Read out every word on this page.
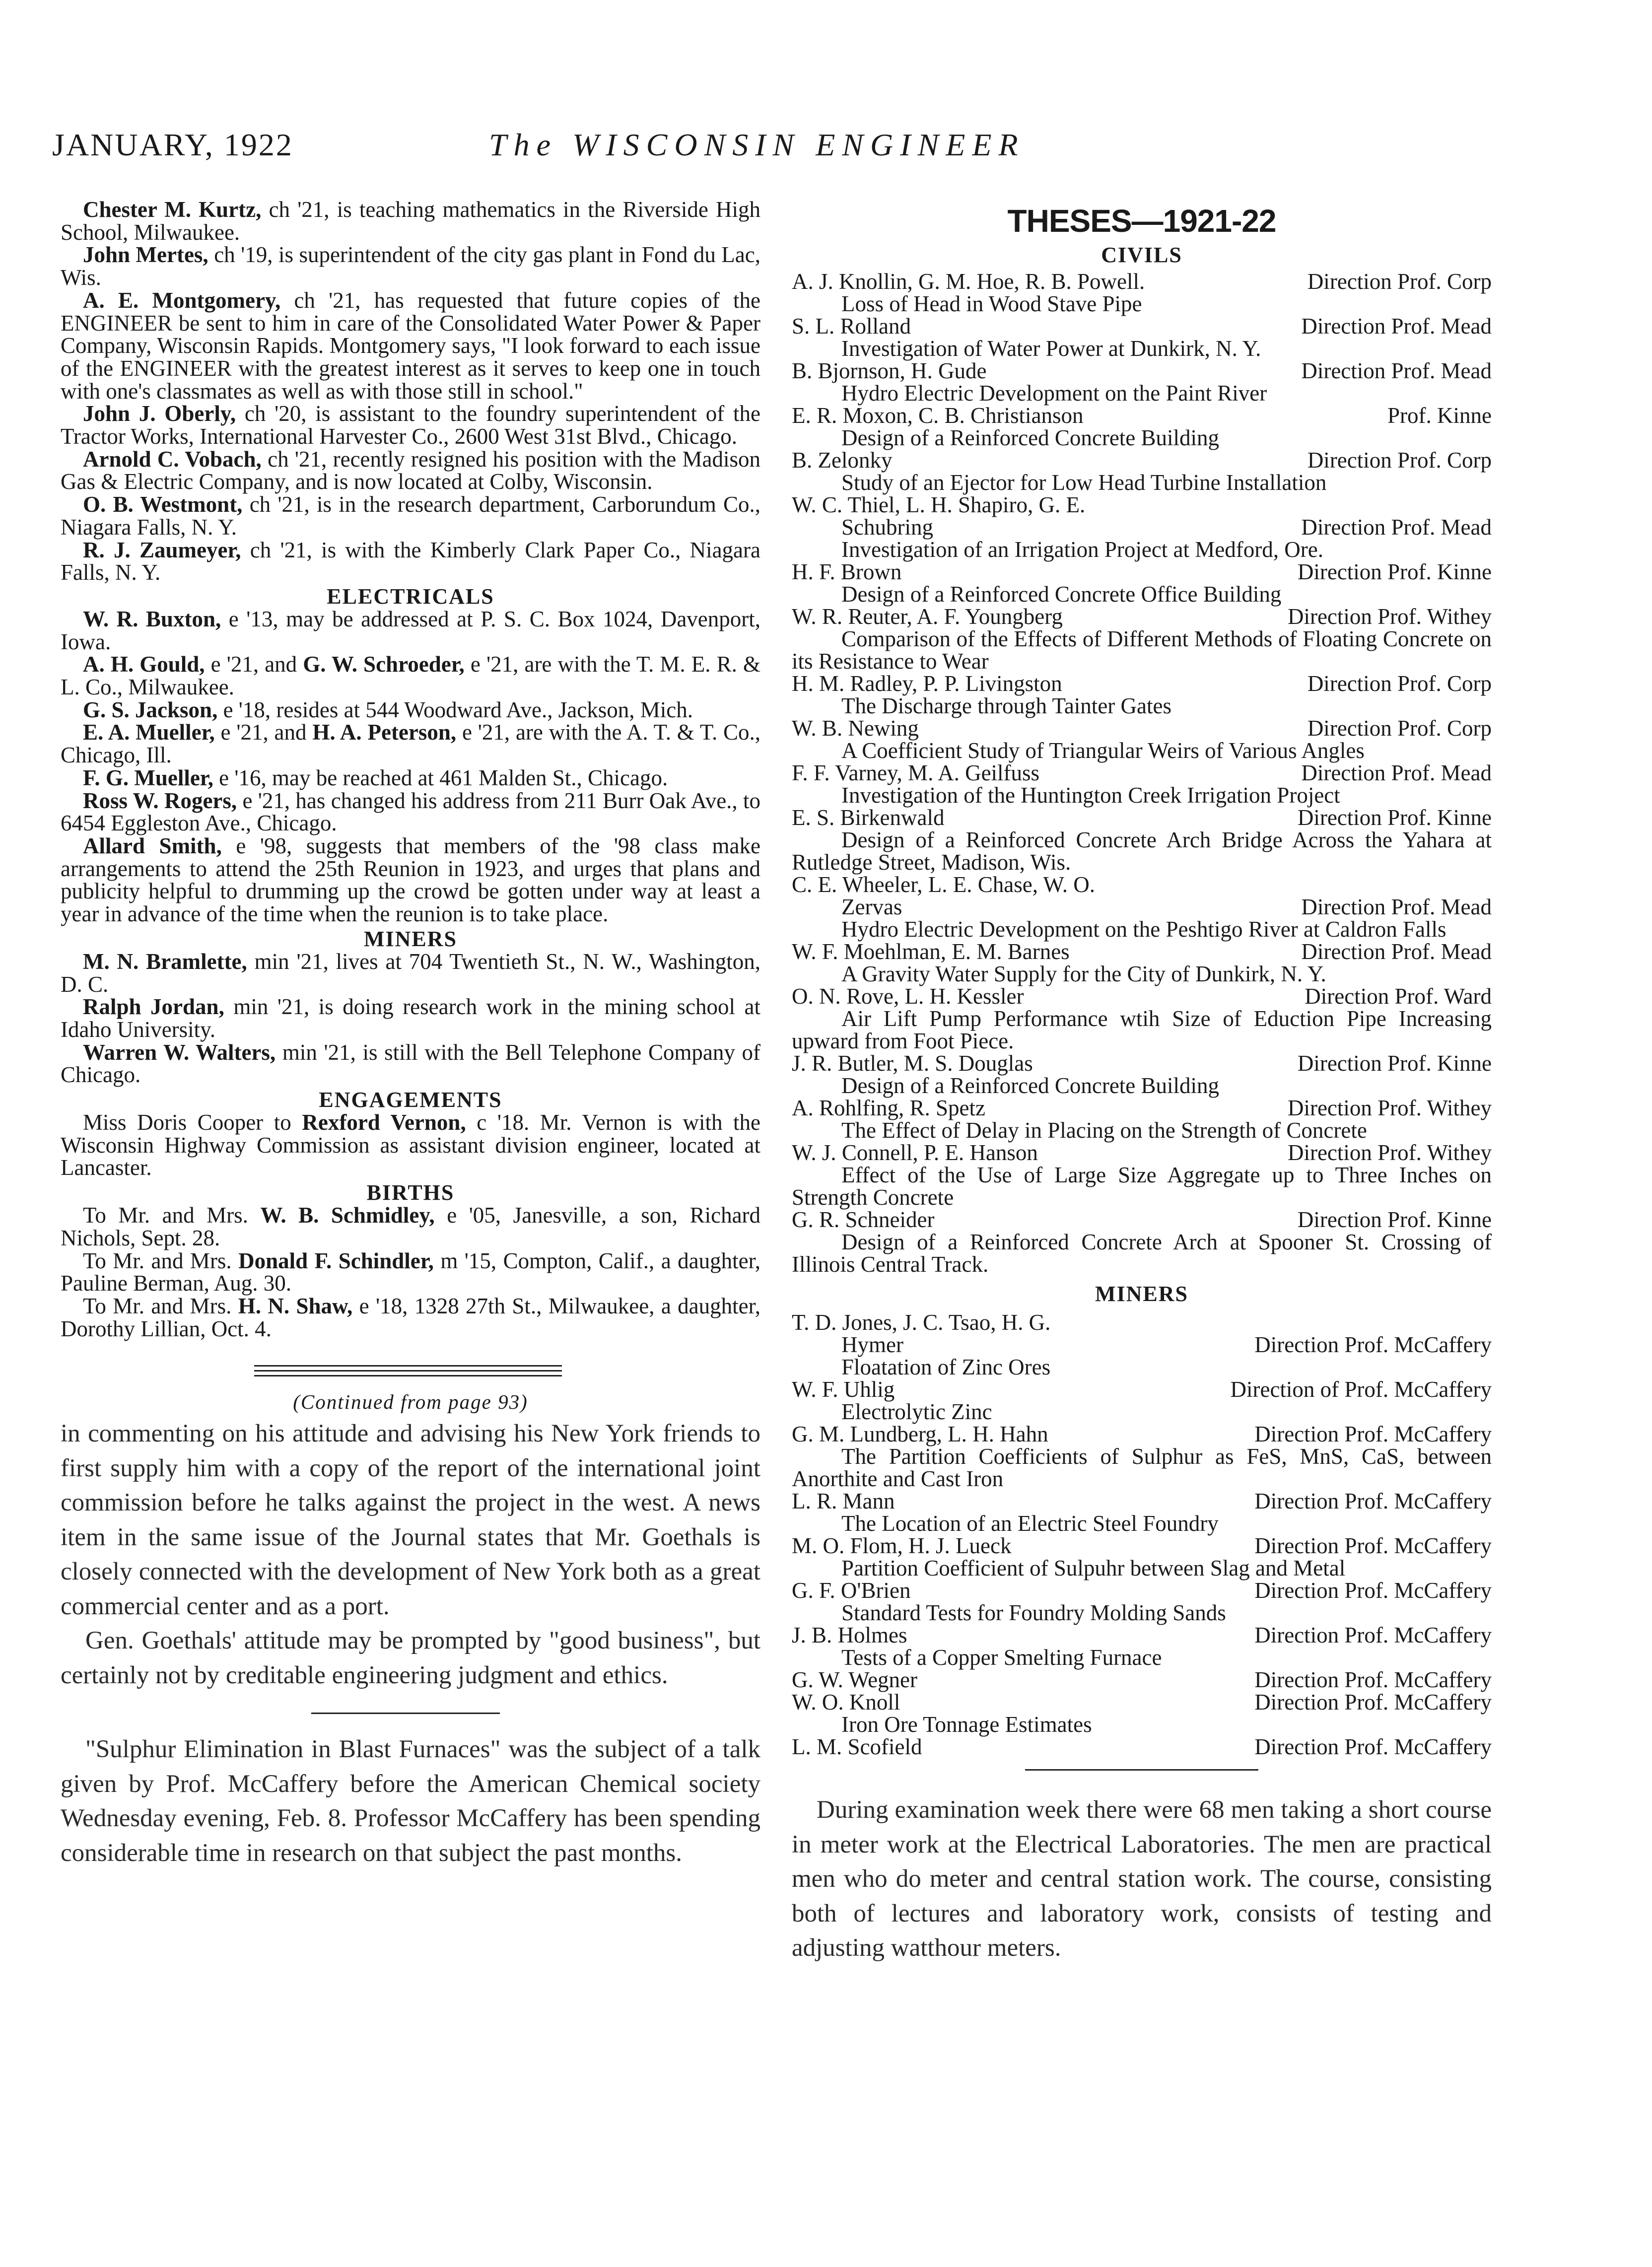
JANUARY, 1922	The WISCONSIN ENGINEER
Chester M. Kurtz, ch '21, is teaching mathematics in the Riverside High School, Milwaukee.
John Mertes, ch '19, is superintendent of the city gas plant in Fond du Lac, Wis.
A. E. Montgomery, ch '21, has requested that future copies of the ENGINEER be sent to him in care of the Consolidated Water Power & Paper Company, Wisconsin Rapids. Montgomery says, "I look forward to each issue of the ENGINEER with the greatest interest as it serves to keep one in touch with one's classmates as well as with those still in school."
John J. Oberly, ch '20, is assistant to the foundry superintendent of the Tractor Works, International Harvester Co., 2600 West 31st Blvd., Chicago.
Arnold C. Vobach, ch '21, recently resigned his position with the Madison Gas & Electric Company, and is now located at Colby, Wisconsin.
O. B. Westmont, ch '21, is in the research department, Carborundum Co., Niagara Falls, N. Y.
R. J. Zaumeyer, ch '21, is with the Kimberly Clark Paper Co., Niagara Falls, N. Y.

ELECTRICALS

W. R. Buxton, e '13, may be addressed at P. S. C. Box 1024, Davenport, Iowa.
A. H. Gould, e '21, and G. W. Schroeder, e '21, are with the T. M. E. R. & L. Co., Milwaukee.
G. S. Jackson, e '18, resides at 544 Woodward Ave., Jackson, Mich.
E. A. Mueller, e '21, and H. A. Peterson, e '21, are with the A. T. & T. Co., Chicago, Ill.
F. G. Mueller, e '16, may be reached at 461 Malden St., Chicago.
Ross W. Rogers, e '21, has changed his address from 211 Burr Oak Ave., to 6454 Eggleston Ave., Chicago.
Allard Smith, e '98, suggests that members of the '98 class make arrangements to attend the 25th Reunion in 1923, and urges that plans and publicity helpful to drumming up the crowd be gotten under way at least a year in advance of the time when the reunion is to take place.

MINERS

M. N. Bramlette, min '21, lives at 704 Twentieth St., N. W., Washington, D. C.
Ralph Jordan, min '21, is doing research work in the mining school at Idaho University.
Warren W. Walters, min '21, is still with the Bell Telephone Company of Chicago.

ENGAGEMENTS

Miss Doris Cooper to Rexford Vernon, c '18. Mr. Vernon is with the Wisconsin Highway Commission as assistant division engineer, located at Lancaster.

BIRTHS

To Mr. and Mrs. W. B. Schmidley, e '05, Janesville, a son, Richard Nichols, Sept. 28.
To Mr. and Mrs. Donald F. Schindler, m '15, Compton, Calif., a daughter, Pauline Berman, Aug. 30.
To Mr. and Mrs. H. N. Shaw, e '18, 1328 27th St., Milwaukee, a daughter, Dorothy Lillian, Oct. 4.
(Continued from page 93)
in commenting on his attitude and advising his New York friends to first supply him with a copy of the report of the international joint commission before he talks against the project in the west. A news item in the same issue of the Journal states that Mr. Goethals is closely connected with the development of New York both as a great commercial center and as a port.
Gen. Goethals' attitude may be prompted by "good business", but certainly not by creditable engineering judgment and ethics.
"Sulphur Elimination in Blast Furnaces" was the subject of a talk given by Prof. McCaffery before the American Chemical society Wednesday evening, Feb. 8. Professor McCaffery has been spending considerable time in research on that subject the past months.

THESES—1921-22

CIVILS

A. J. Knollin, G. M. Hoe, R. B. Powell.	Direction Prof. Corp
Loss of Head in Wood Stave Pipe
S. L. Rolland	Direction Prof. Mead
Investigation of Water Power at Dunkirk, N. Y.
B. Bjornson, H. Gude	Direction Prof. Mead
Hydro Electric Development on the Paint River
E. R. Moxon, C. B. Christianson	Prof. Kinne
Design of a Reinforced Concrete Building
B. Zelonky	Direction Prof. Corp
Study of an Ejector for Low Head Turbine Installation
W. C. Thiel, L. H. Shapiro, G. E.
Schubring	Direction Prof. Mead
Investigation of an Irrigation Project at Medford, Ore.
H. F. Brown	Direction Prof. Kinne
Design of a Reinforced Concrete Office Building
W. R. Reuter, A. F. Youngberg	Direction Prof. Withey
Comparison of the Effects of Different Methods of Floating Concrete on its Resistance to Wear
H. M. Radley, P. P. Livingston	Direction Prof. Corp
The Discharge through Tainter Gates
W. B. Newing	Direction Prof. Corp
A Coefficient Study of Triangular Weirs of Various Angles
F. F. Varney, M. A. Geilfuss	Direction Prof. Mead
Investigation of the Huntington Creek Irrigation Project
E. S. Birkenwald	Direction Prof. Kinne
Design of a Reinforced Concrete Arch Bridge Across the Yahara at Rutledge Street, Madison, Wis.
C. E. Wheeler, L. E. Chase, W. O.
Zervas	Direction Prof. Mead
Hydro Electric Development on the Peshtigo River at Caldron Falls
W. F. Moehlman, E. M. Barnes	Direction Prof. Mead
A Gravity Water Supply for the City of Dunkirk, N. Y.
O. N. Rove, L. H. Kessler	Direction Prof. Ward
Air Lift Pump Performance wtih Size of Eduction Pipe Increasing upward from Foot Piece.
J. R. Butler, M. S. Douglas	Direction Prof. Kinne
Design of a Reinforced Concrete Building
A. Rohlfing, R. Spetz	Direction Prof. Withey
The Effect of Delay in Placing on the Strength of Concrete
W. J. Connell, P. E. Hanson	Direction Prof. Withey
Effect of the Use of Large Size Aggregate up to Three Inches on Strength Concrete
G. R. Schneider	Direction Prof. Kinne
Design of a Reinforced Concrete Arch at Spooner St. Crossing of Illinois Central Track.

MINERS

T. D. Jones, J. C. Tsao, H. G.
Hymer	Direction Prof. McCaffery
Floatation of Zinc Ores
W. F. Uhlig	Direction of Prof. McCaffery
Electrolytic Zinc
G. M. Lundberg, L. H. Hahn	Direction Prof. McCaffery
The Partition Coefficients of Sulphur as FeS, MnS, CaS, between Anorthite and Cast Iron
L. R. Mann	Direction Prof. McCaffery
The Location of an Electric Steel Foundry
M. O. Flom, H. J. Lueck	Direction Prof. McCaffery
Partition Coefficient of Sulpuhr between Slag and Metal
G. F. O'Brien	Direction Prof. McCaffery
Standard Tests for Foundry Molding Sands
J. B. Holmes	Direction Prof. McCaffery
Tests of a Copper Smelting Furnace
G. W. Wegner	Direction Prof. McCaffery
W. O. Knoll	Direction Prof. McCaffery
Iron Ore Tonnage Estimates
L. M. Scofield	Direction Prof. McCaffery
During examination week there were 68 men taking a short course in meter work at the Electrical Laboratories. The men are practical men who do meter and central station work. The course, consisting both of lectures and laboratory work, consists of testing and adjusting watthour meters.
